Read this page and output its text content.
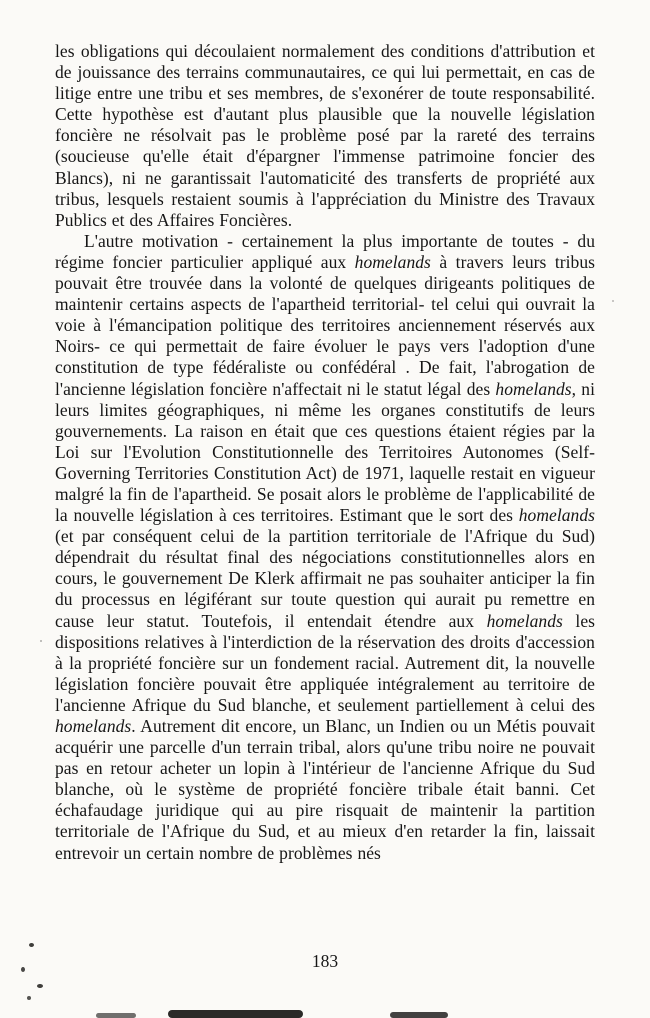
les obligations qui découlaient normalement des conditions d'attribution et de jouissance des terrains communautaires, ce qui lui permettait, en cas de litige entre une tribu et ses membres, de s'exonérer de toute responsabilité. Cette hypothèse est d'autant plus plausible que la nouvelle législation foncière ne résolvait pas le problème posé par la rareté des terrains (soucieuse qu'elle était d'épargner l'immense patrimoine foncier des Blancs), ni ne garantissait l'automaticité des transferts de propriété aux tribus, lesquels restaient soumis à l'appréciation du Ministre des Travaux Publics et des Affaires Foncières.

L'autre motivation - certainement la plus importante de toutes - du régime foncier particulier appliqué aux homelands à travers leurs tribus pouvait être trouvée dans la volonté de quelques dirigeants politiques de maintenir certains aspects de l'apartheid territorial- tel celui qui ouvrait la voie à l'émancipation politique des territoires anciennement réservés aux Noirs- ce qui permettait de faire évoluer le pays vers l'adoption d'une constitution de type fédéraliste ou confédéral . De fait, l'abrogation de l'ancienne législation foncière n'affectait ni le statut légal des homelands, ni leurs limites géographiques, ni même les organes constitutifs de leurs gouvernements. La raison en était que ces questions étaient régies par la Loi sur l'Evolution Constitutionnelle des Territoires Autonomes (Self-Governing Territories Constitution Act) de 1971, laquelle restait en vigueur malgré la fin de l'apartheid. Se posait alors le problème de l'applicabilité de la nouvelle législation à ces territoires. Estimant que le sort des homelands (et par conséquent celui de la partition territoriale de l'Afrique du Sud) dépendrait du résultat final des négociations constitutionnelles alors en cours, le gouvernement De Klerk affirmait ne pas souhaiter anticiper la fin du processus en légiférant sur toute question qui aurait pu remettre en cause leur statut. Toutefois, il entendait étendre aux homelands les dispositions relatives à l'interdiction de la réservation des droits d'accession à la propriété foncière sur un fondement racial. Autrement dit, la nouvelle législation foncière pouvait être appliquée intégralement au territoire de l'ancienne Afrique du Sud blanche, et seulement partiellement à celui des homelands. Autrement dit encore, un Blanc, un Indien ou un Métis pouvait acquérir une parcelle d'un terrain tribal, alors qu'une tribu noire ne pouvait pas en retour acheter un lopin à l'intérieur de l'ancienne Afrique du Sud blanche, où le système de propriété foncière tribale était banni. Cet échafaudage juridique qui au pire risquait de maintenir la partition territoriale de l'Afrique du Sud, et au mieux d'en retarder la fin, laissait entrevoir un certain nombre de problèmes nés

183
